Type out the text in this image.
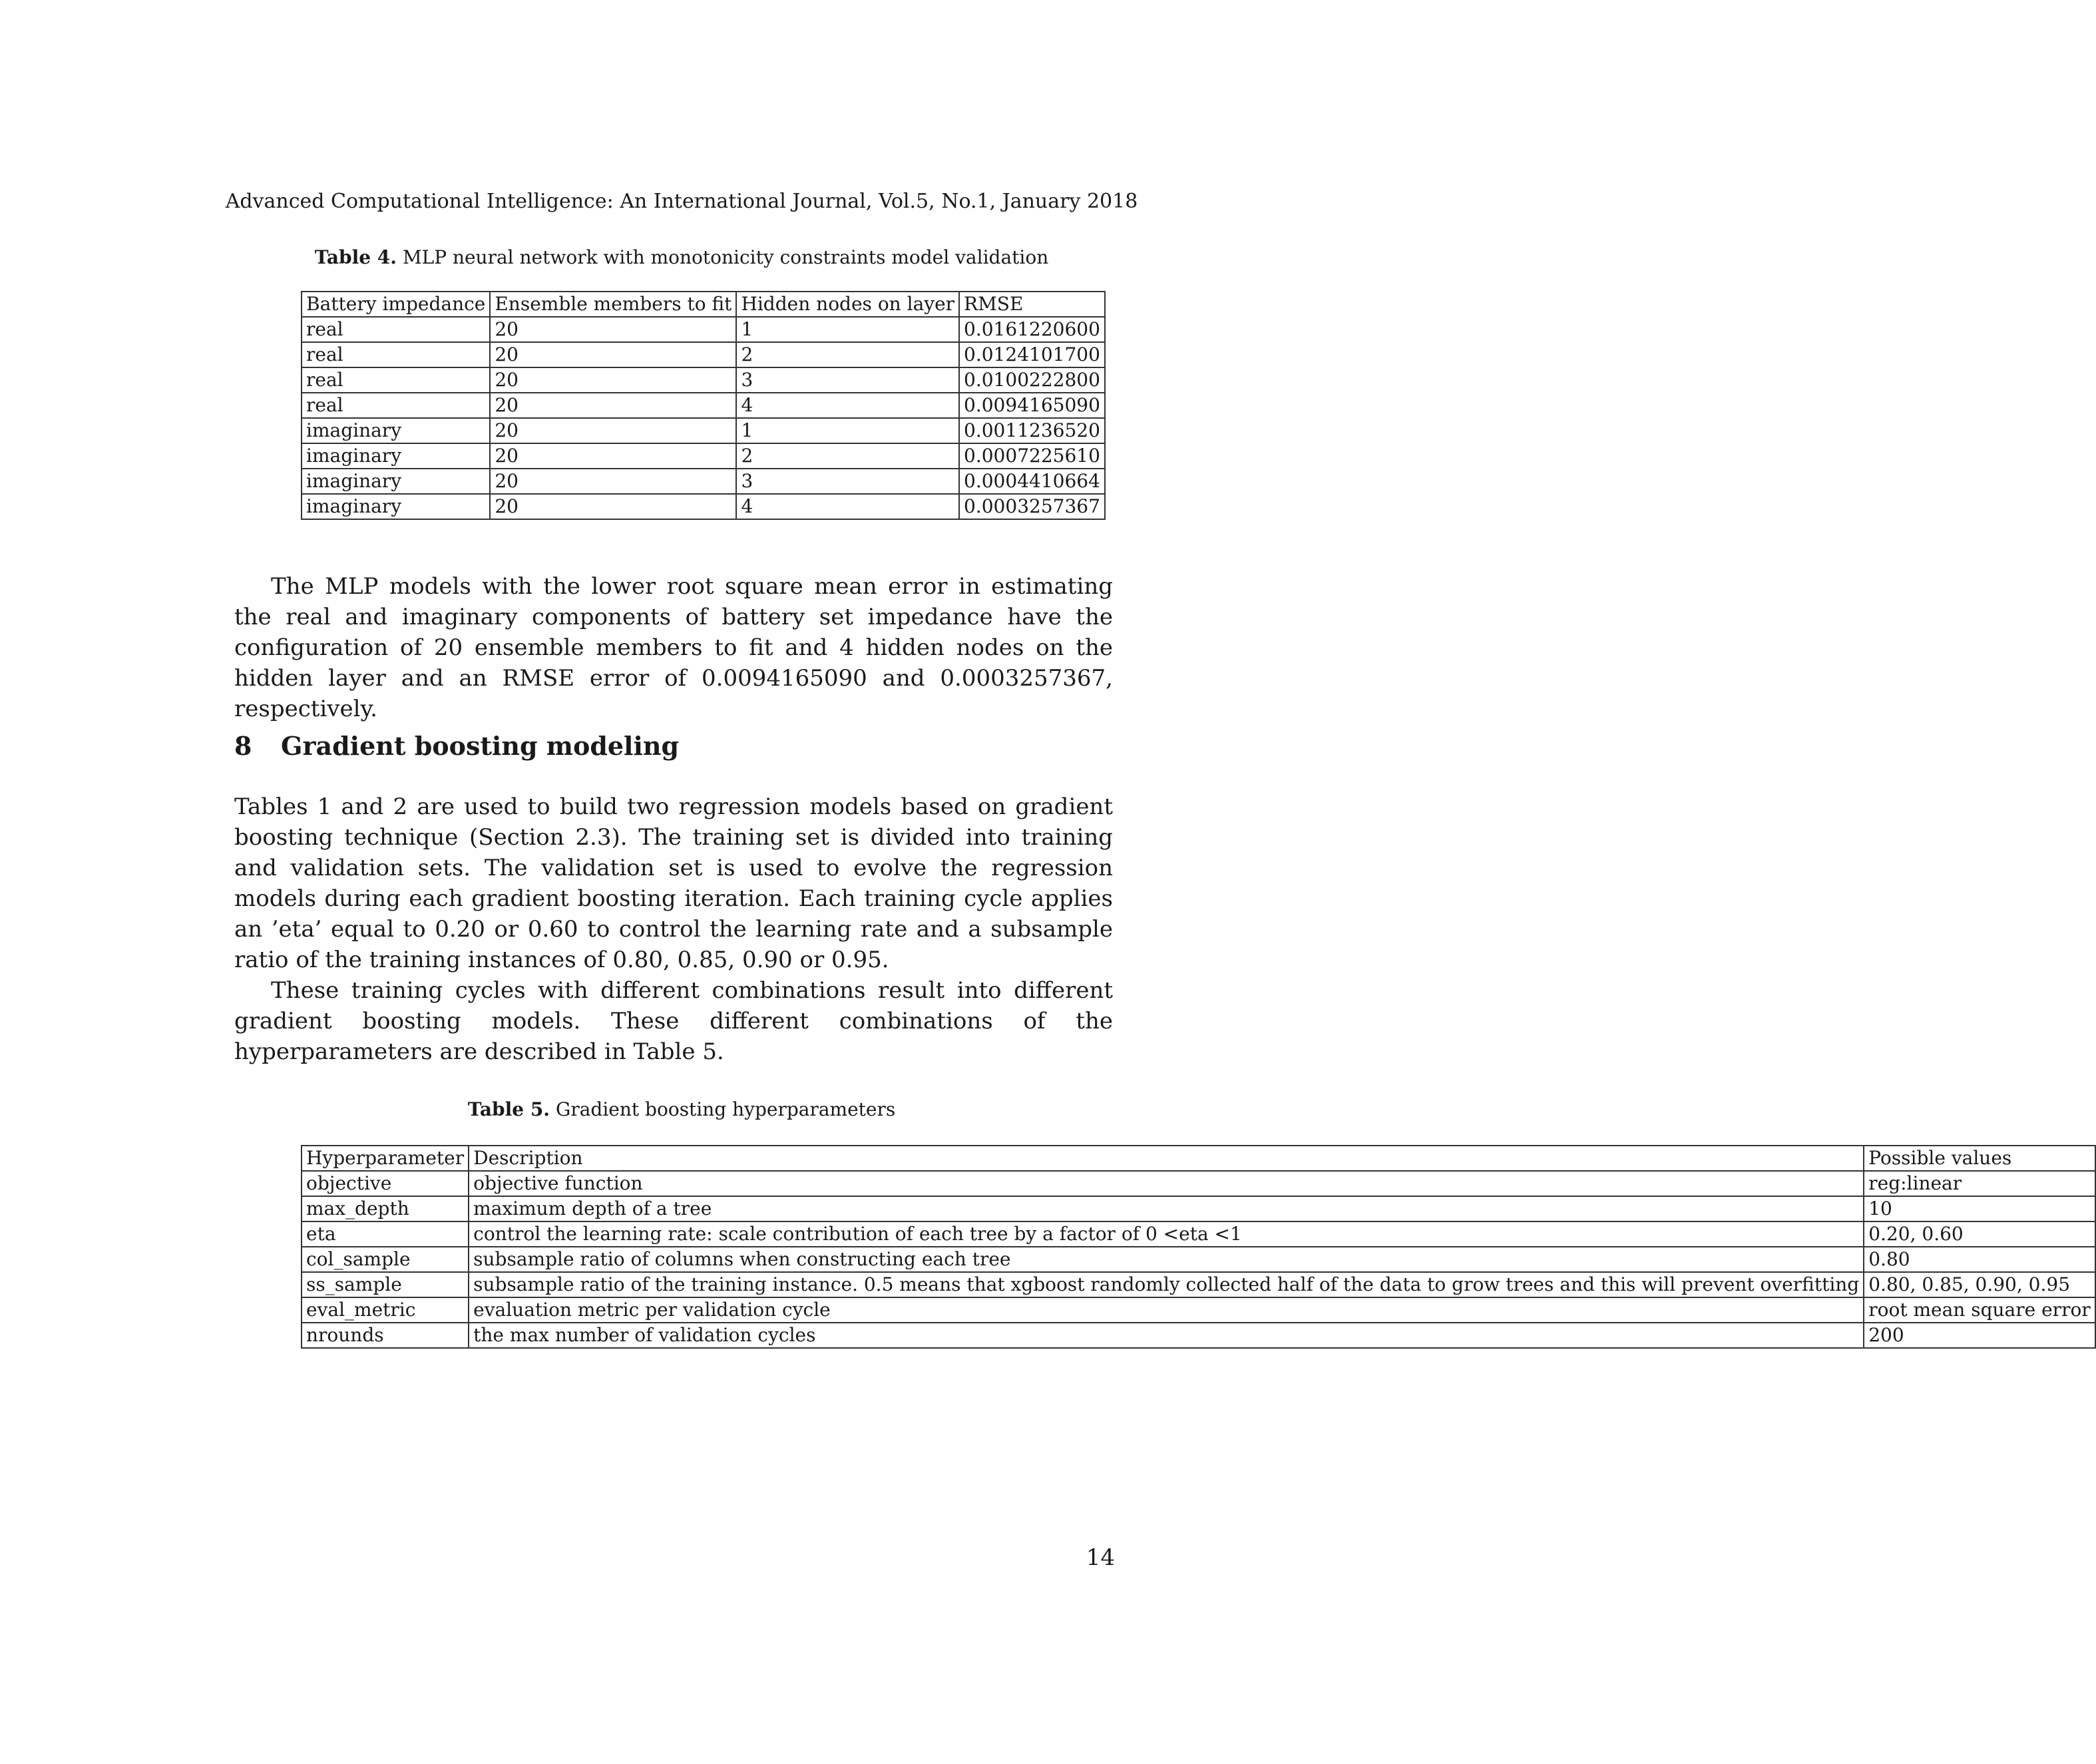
Advanced Computational Intelligence: An International Journal, Vol.5, No.1, January 2018
Table 4. MLP neural network with monotonicity constraints model validation
Battery impedance	Ensemble members to fit	Hidden nodes on layer	RMSE
real	20	1	0.0161220600
real	20	2	0.0124101700
real	20	3	0.0100222800
real	20	4	0.0094165090
imaginary	20	1	0.0011236520
imaginary	20	2	0.0007225610
imaginary	20	3	0.0004410664
imaginary	20	4	0.0003257367
The MLP models with the lower root square mean error in estimating the real and imaginary components of battery set impedance have the configuration of 20 ensemble members to fit and 4 hidden nodes on the hidden layer and an RMSE error of 0.0094165090 and 0.0003257367, respectively.
8 Gradient boosting modeling
Tables 1 and 2 are used to build two regression models based on gradient boosting technique (Section 2.3). The training set is divided into training and validation sets. The validation set is used to evolve the regression models during each gradient boosting iteration. Each training cycle applies an ’eta’ equal to 0.20 or 0.60 to control the learning rate and a subsample ratio of the training instances of 0.80, 0.85, 0.90 or 0.95.
These training cycles with different combinations result into different gradient boosting models. These different combinations of the hyperparameters are described in Table 5.
Table 5. Gradient boosting hyperparameters
Hyperparameter	Description	Possible values
objective	objective function	reg:linear
max_depth	maximum depth of a tree	10
eta	control the learning rate: scale contribution of each tree by a factor of 0 <eta <1	0.20, 0.60
col_sample	subsample ratio of columns when constructing each tree	0.80
ss_sample	subsample ratio of the training instance. 0.5 means that xgboost randomly collected half of the data to grow trees and this will prevent overfitting	0.80, 0.85, 0.90, 0.95
eval_metric	evaluation metric per validation cycle	root mean square error
nrounds	the max number of validation cycles	200
14
